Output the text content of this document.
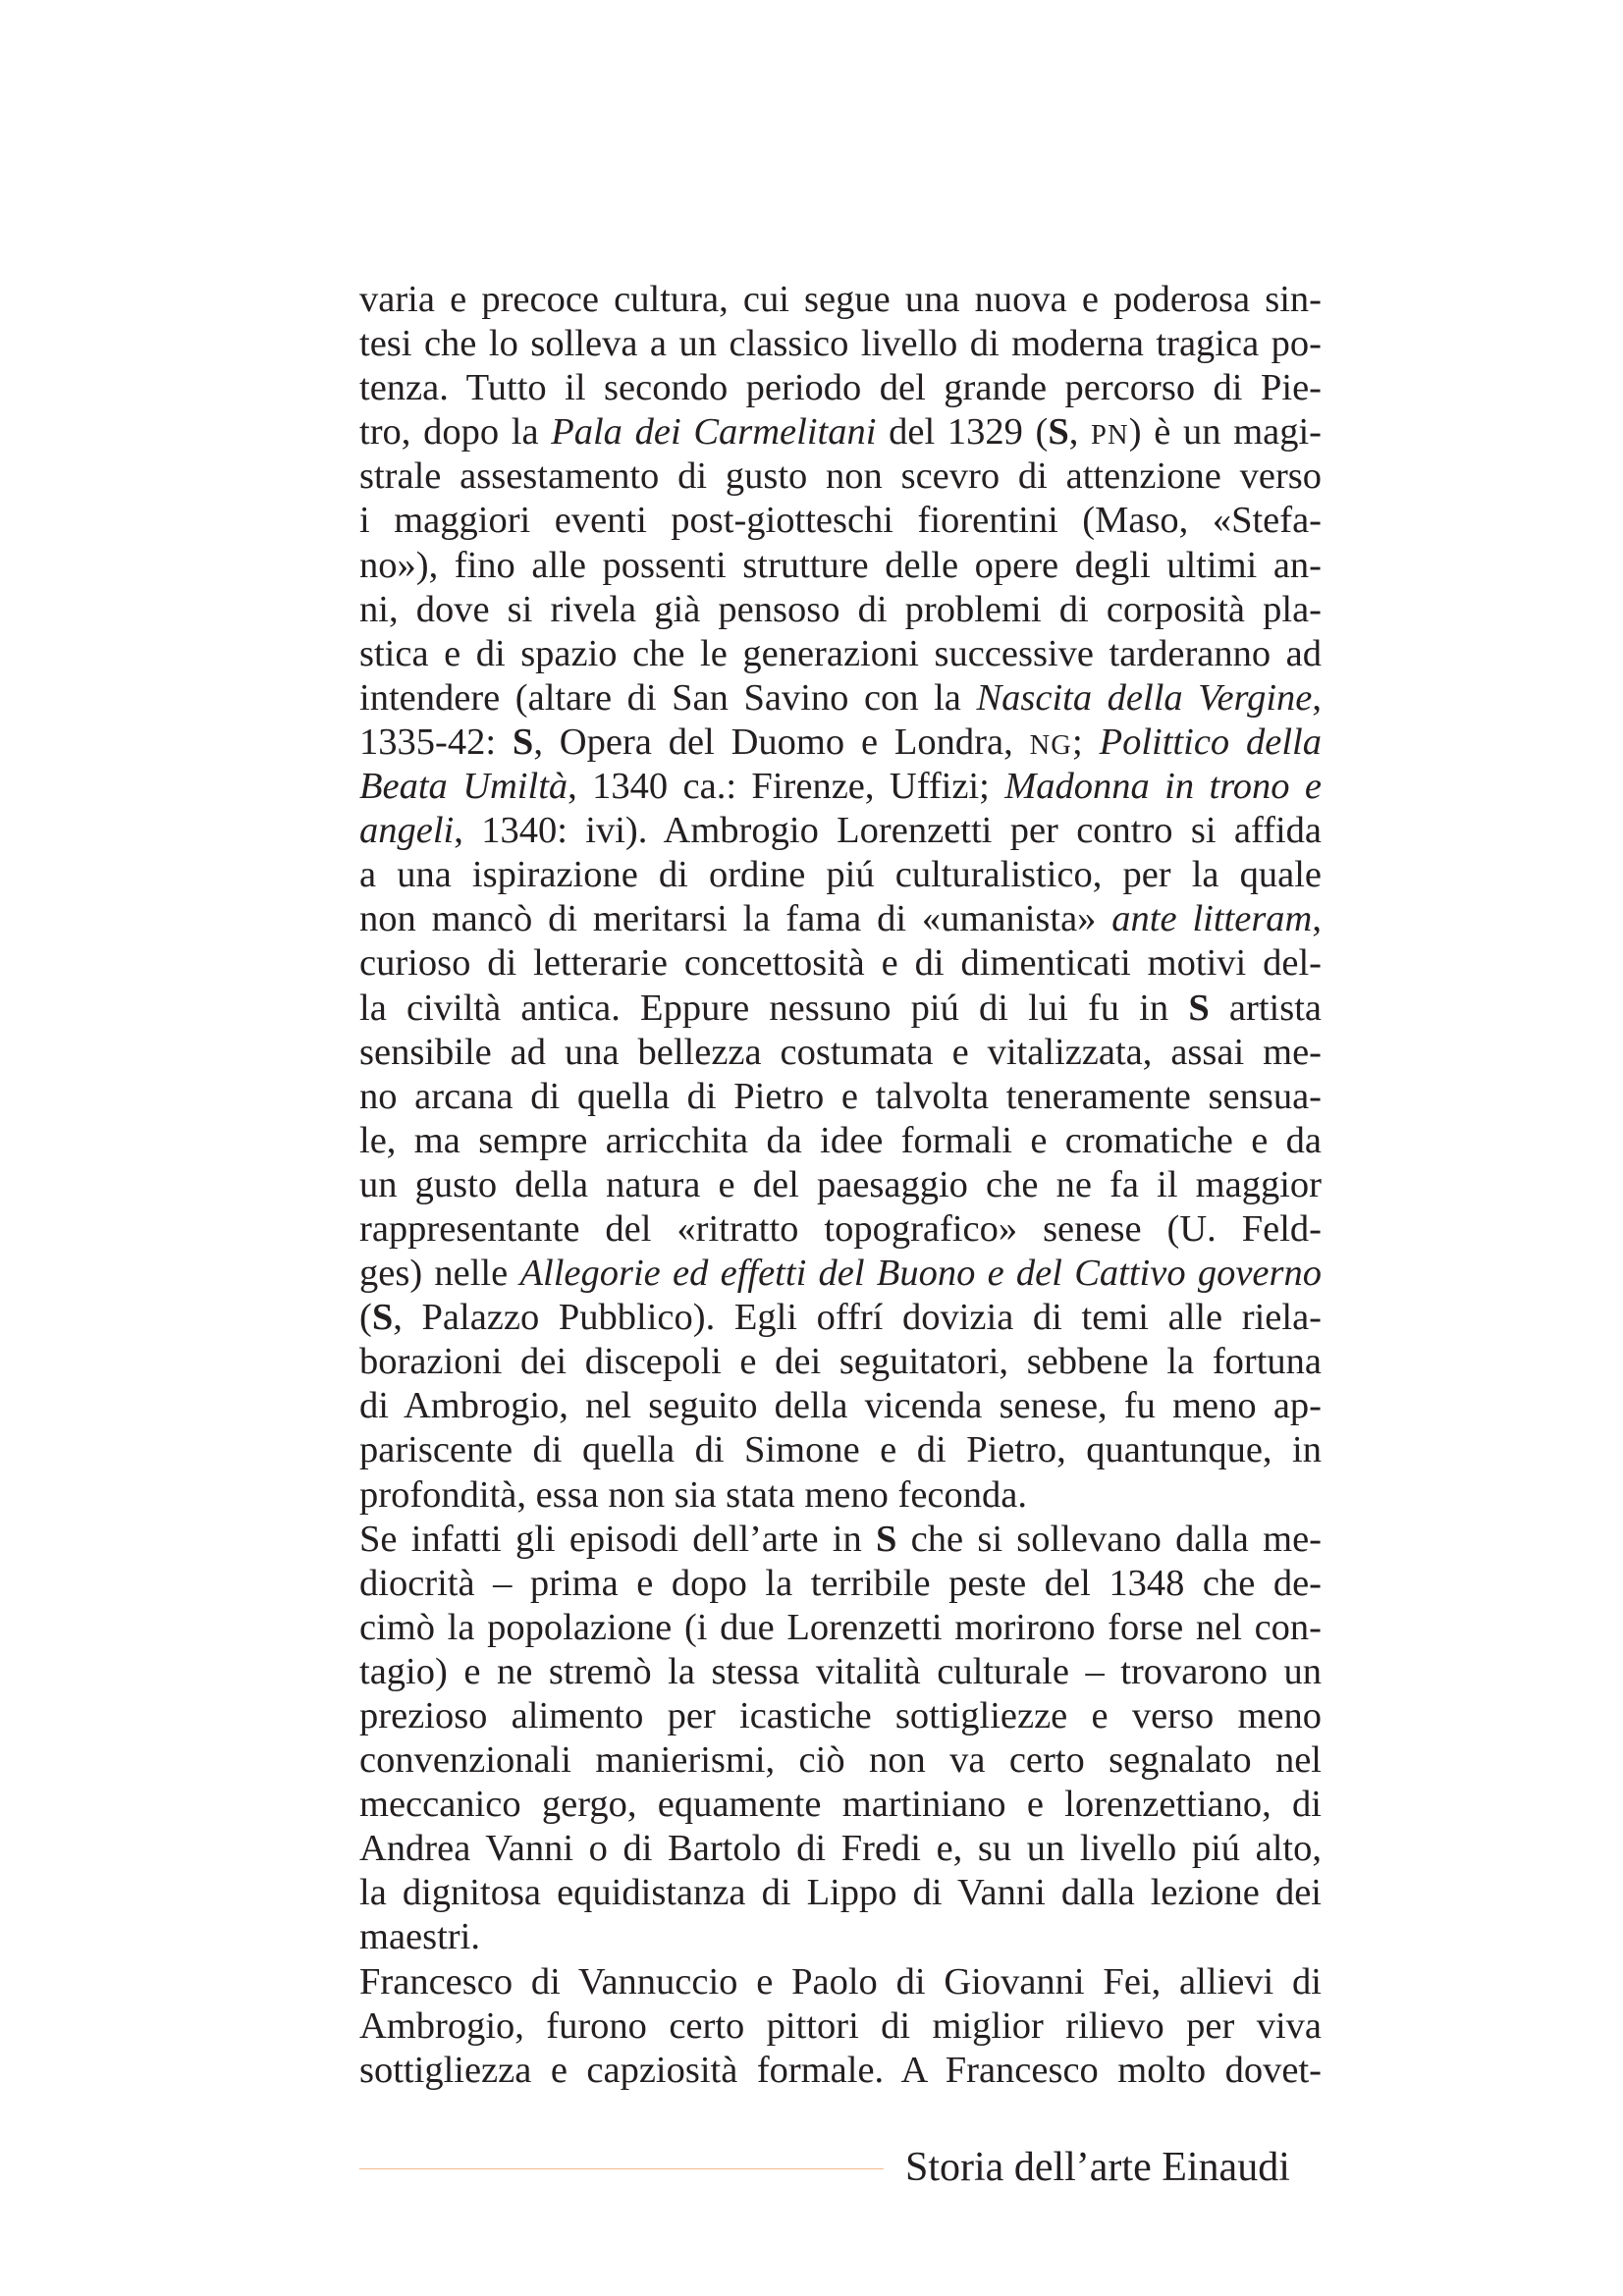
varia e precoce cultura, cui segue una nuova e poderosa sin-
tesi che lo solleva a un classico livello di moderna tragica po-
tenza. Tutto il secondo periodo del grande percorso di Pie-
tro, dopo la Pala dei Carmelitani del 1329 (S, PN) è un magi-
strale assestamento di gusto non scevro di attenzione verso
i maggiori eventi post-giotteschi fiorentini (Maso, «Stefa-
no»), fino alle possenti strutture delle opere degli ultimi an-
ni, dove si rivela già pensoso di problemi di corposità pla-
stica e di spazio che le generazioni successive tarderanno ad
intendere (altare di San Savino con la Nascita della Vergine,
1335-42: S, Opera del Duomo e Londra, NG; Polittico della
Beata Umiltà, 1340 ca.: Firenze, Uffizi; Madonna in trono e
angeli, 1340: ivi). Ambrogio Lorenzetti per contro si affida
a una ispirazione di ordine piú culturalistico, per la quale
non mancò di meritarsi la fama di «umanista» ante litteram,
curioso di letterarie concettosità e di dimenticati motivi del-
la civiltà antica. Eppure nessuno piú di lui fu in S artista
sensibile ad una bellezza costumata e vitalizzata, assai me-
no arcana di quella di Pietro e talvolta teneramente sensua-
le, ma sempre arricchita da idee formali e cromatiche e da
un gusto della natura e del paesaggio che ne fa il maggior
rappresentante del «ritratto topografico» senese (U. Feld-
ges) nelle Allegorie ed effetti del Buono e del Cattivo governo
(S, Palazzo Pubblico). Egli offrí dovizia di temi alle riela-
borazioni dei discepoli e dei seguitatori, sebbene la fortuna
di Ambrogio, nel seguito della vicenda senese, fu meno ap-
pariscente di quella di Simone e di Pietro, quantunque, in
profondità, essa non sia stata meno feconda.
Se infatti gli episodi dell’arte in S che si sollevano dalla me-
diocrità – prima e dopo la terribile peste del 1348 che de-
cimò la popolazione (i due Lorenzetti morirono forse nel con-
tagio) e ne stremò la stessa vitalità culturale – trovarono un
prezioso alimento per icastiche sottigliezze e verso meno
convenzionali manierismi, ciò non va certo segnalato nel
meccanico gergo, equamente martiniano e lorenzettiano, di
Andrea Vanni o di Bartolo di Fredi e, su un livello piú alto,
la dignitosa equidistanza di Lippo di Vanni dalla lezione dei
maestri.
Francesco di Vannuccio e Paolo di Giovanni Fei, allievi di
Ambrogio, furono certo pittori di miglior rilievo per viva
sottigliezza e capziosità formale. A Francesco molto dovet-
Storia dell’arte Einaudi
